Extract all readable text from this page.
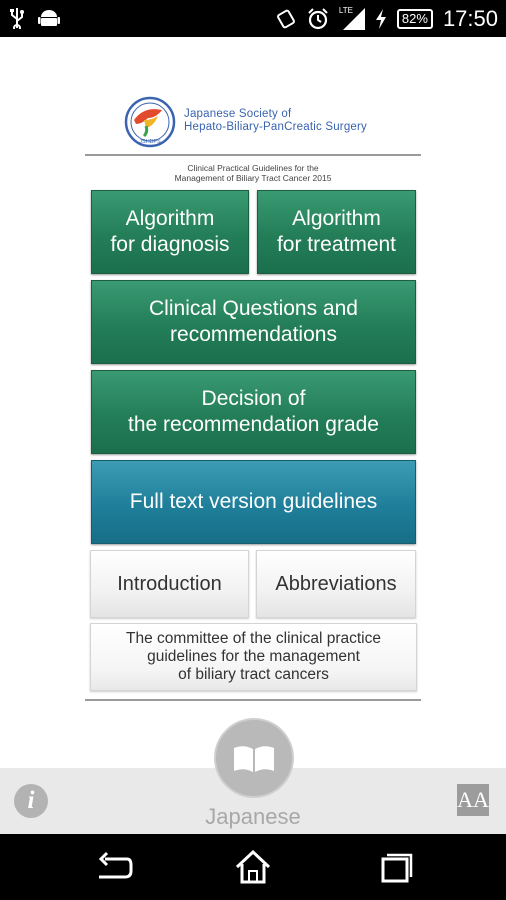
LTE
82% 17:50
JSHBPS
Japanese Society of
Hepato-Biliary-PanCreatic Surgery
Clinical Practical Guidelines for the
Management of Biliary Tract Cancer 2015
Algorithm
for diagnosis
Algorithm
for treatment
Clinical Questions and
recommendations
Decision of
the recommendation grade
Full text version guidelines
Introduction	Abbreviations
The committee of the clinical practice
guidelines for the management
of biliary tract cancers
i	AA
Japanese
